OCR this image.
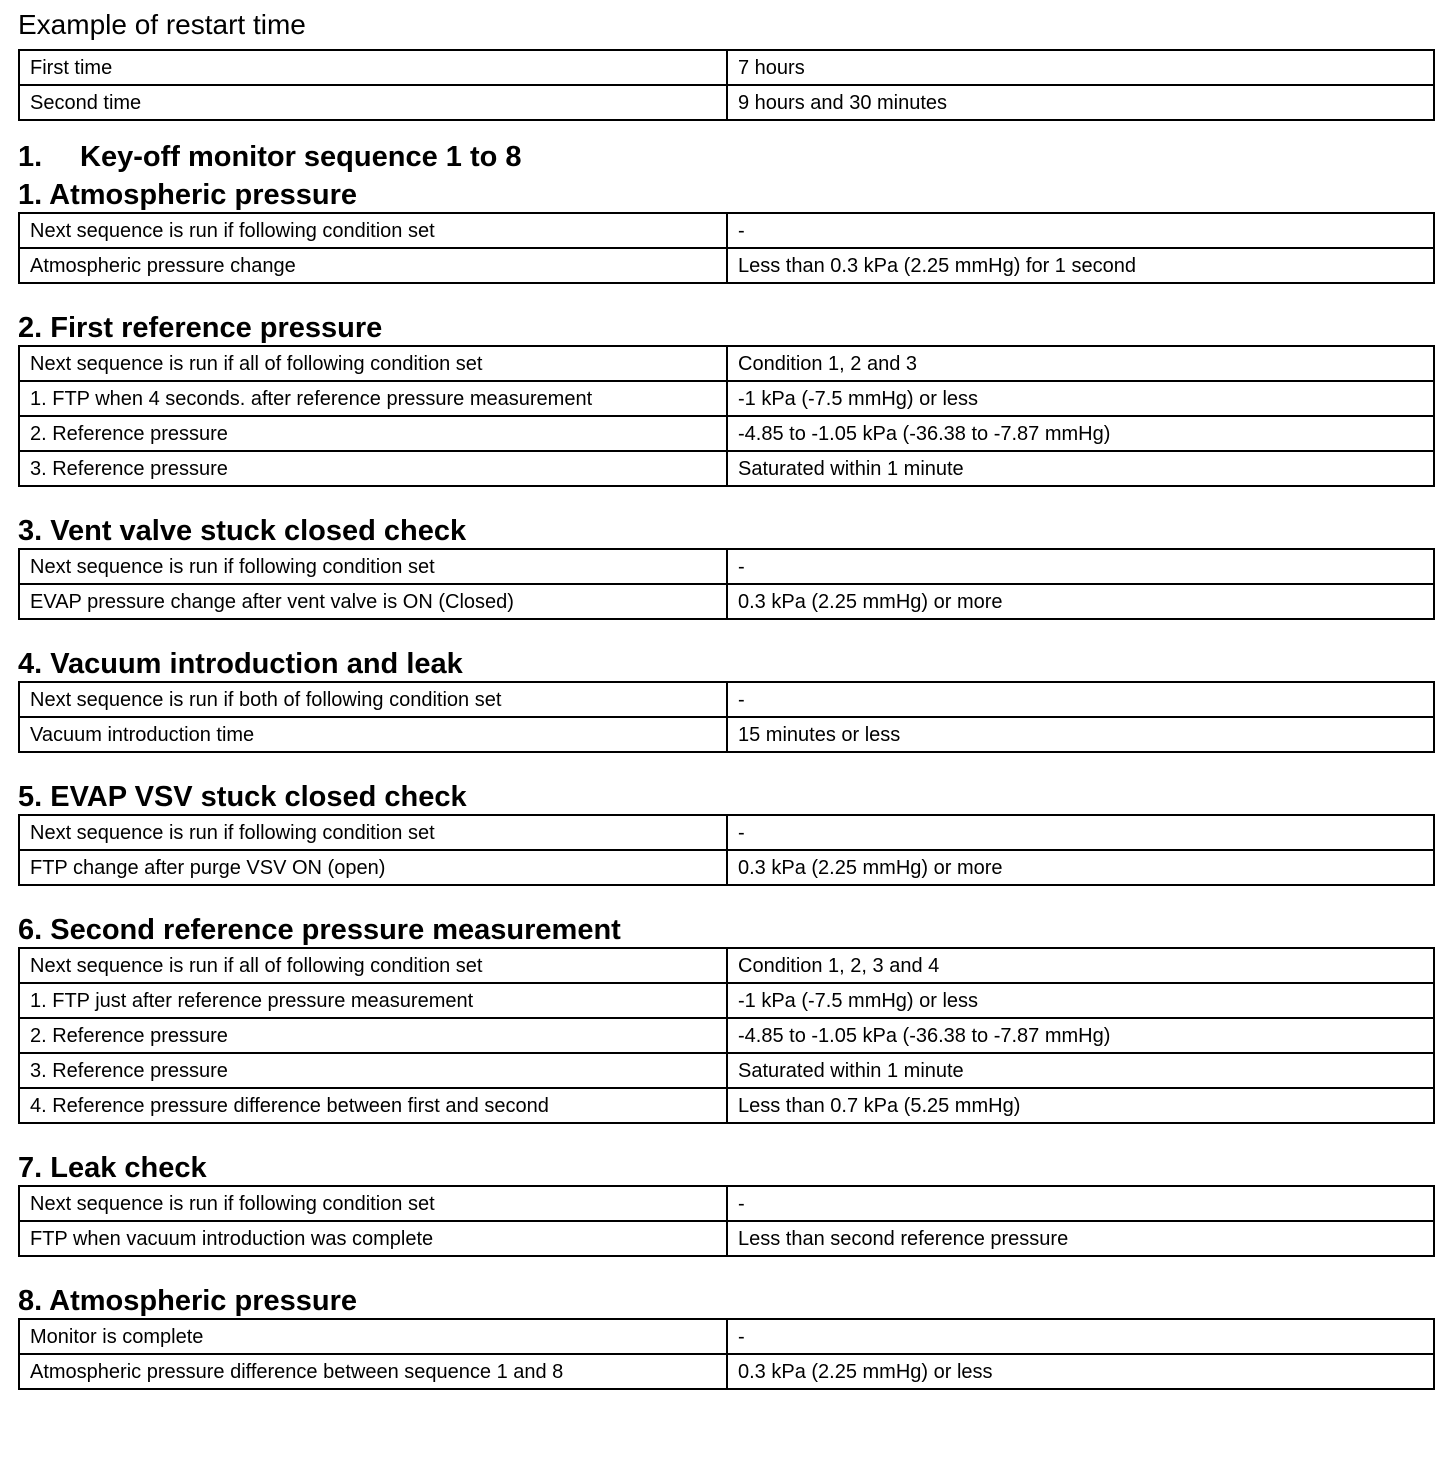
Example of restart time
First time	7 hours
Second time	9 hours and 30 minutes
1. Key-off monitor sequence 1 to 8
1. Atmospheric pressure
Next sequence is run if following condition set	-
Atmospheric pressure change	Less than 0.3 kPa (2.25 mmHg) for 1 second
2. First reference pressure
Next sequence is run if all of following condition set	Condition 1, 2 and 3
1. FTP when 4 seconds. after reference pressure measurement	-1 kPa (-7.5 mmHg) or less
2. Reference pressure	-4.85 to -1.05 kPa (-36.38 to -7.87 mmHg)
3. Reference pressure	Saturated within 1 minute
3. Vent valve stuck closed check
Next sequence is run if following condition set	-
EVAP pressure change after vent valve is ON (Closed)	0.3 kPa (2.25 mmHg) or more
4. Vacuum introduction and leak
Next sequence is run if both of following condition set	-
Vacuum introduction time	15 minutes or less
5. EVAP VSV stuck closed check
Next sequence is run if following condition set	-
FTP change after purge VSV ON (open)	0.3 kPa (2.25 mmHg) or more
6. Second reference pressure measurement
Next sequence is run if all of following condition set	Condition 1, 2, 3 and 4
1. FTP just after reference pressure measurement	-1 kPa (-7.5 mmHg) or less
2. Reference pressure	-4.85 to -1.05 kPa (-36.38 to -7.87 mmHg)
3. Reference pressure	Saturated within 1 minute
4. Reference pressure difference between first and second	Less than 0.7 kPa (5.25 mmHg)
7. Leak check
Next sequence is run if following condition set	-
FTP when vacuum introduction was complete	Less than second reference pressure
8. Atmospheric pressure
Monitor is complete	-
Atmospheric pressure difference between sequence 1 and 8	0.3 kPa (2.25 mmHg) or less
